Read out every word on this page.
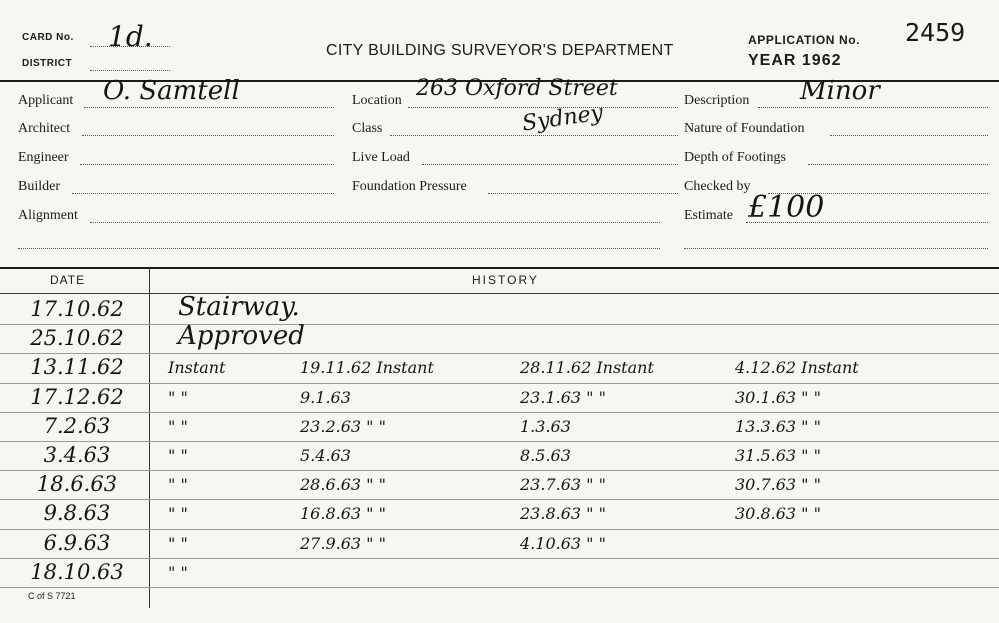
CARD No. 1d.
DISTRICT
CITY BUILDING SURVEYOR'S DEPARTMENT
APPLICATION No. 2459
YEAR 1962
Applicant O. Samtell
Architect
Engineer
Builder
Alignment
Location 263 Oxford Street
Sydney
Class
Live Load
Foundation Pressure
Description Minor
Nature of Foundation
Depth of Footings
Checked by
Estimate £100
DATE	HISTORY
17.10.62	Stairway.
25.10.62	Approved
13.11.62	Instant	19.11.62 Instant	28.11.62 Instant	4.12.62 Instant
17.12.62	" "	9.1.63	23.1.63 " "	30.1.63 " "
7.2.63	" "	23.2.63 " "	1.3.63	13.3.63 " "
3.4.63	" "	5.4.63	8.5.63	31.5.63 " "
18.6.63	" "	28.6.63 " "	23.7.63 " "	30.7.63 " "
9.8.63	" "	16.8.63 " "	23.8.63 " "	30.8.63 " "
6.9.63	" "	27.9.63 " "	4.10.63 " "
18.10.63	" "
C of S 7721
